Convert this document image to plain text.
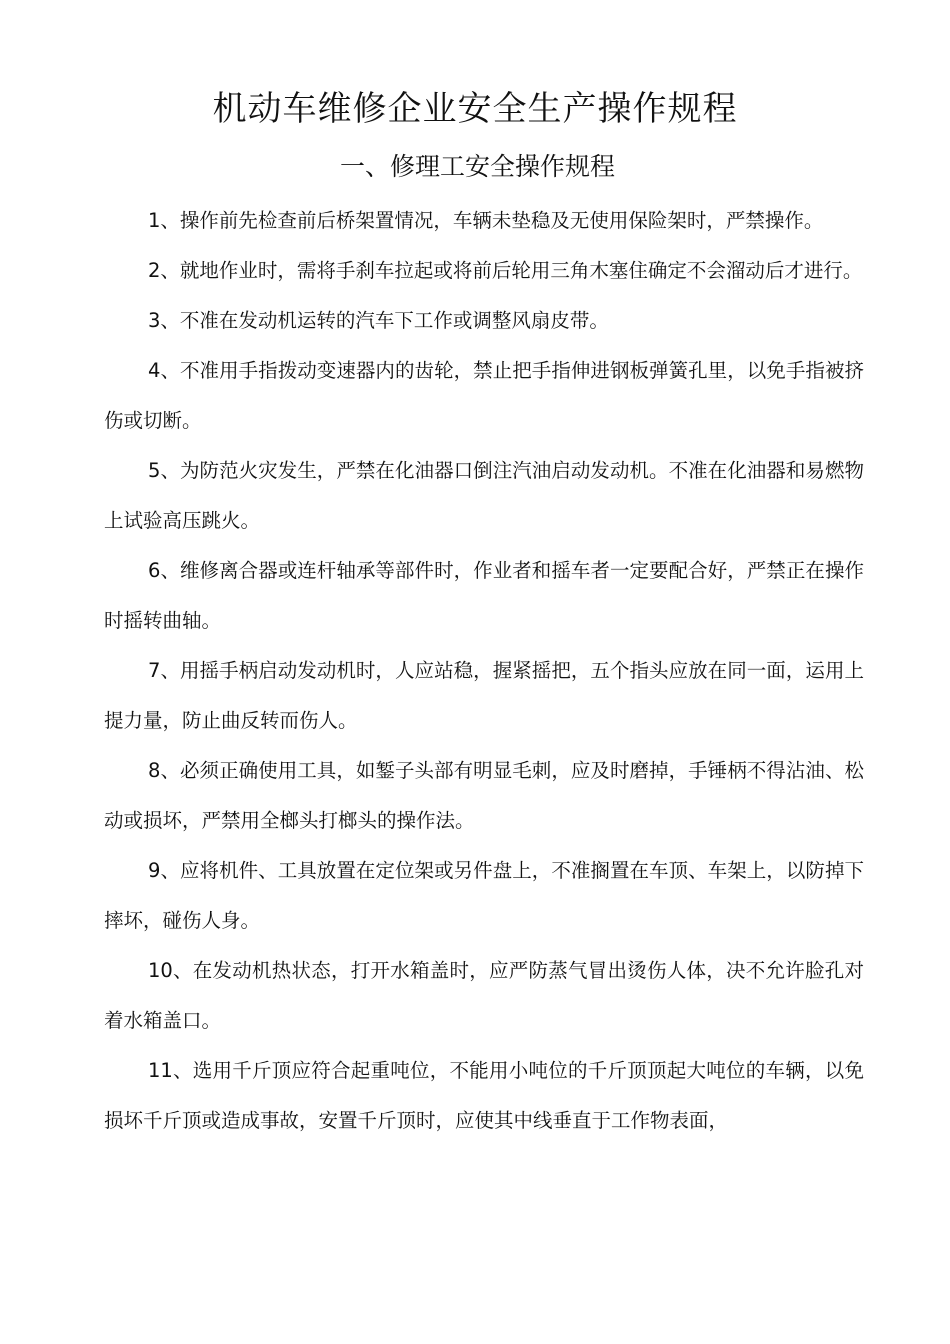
机动车维修企业安全生产操作规程
一、修理工安全操作规程
1、操作前先检查前后桥架置情况，车辆未垫稳及无使用保险架时，严禁操作。
2、就地作业时，需将手刹车拉起或将前后轮用三角木塞住确定不会溜动后才进行。
3、不准在发动机运转的汽车下工作或调整风扇皮带。
4、不准用手指拨动变速器内的齿轮，禁止把手指伸进钢板弹簧孔里，以免手指被挤伤或切断。
5、为防范火灾发生，严禁在化油器口倒注汽油启动发动机。不准在化油器和易燃物上试验高压跳火。
6、维修离合器或连杆轴承等部件时，作业者和摇车者一定要配合好，严禁正在操作时摇转曲轴。
7、用摇手柄启动发动机时，人应站稳，握紧摇把，五个指头应放在同一面，运用上提力量，防止曲反转而伤人。
8、必须正确使用工具，如錾子头部有明显毛刺，应及时磨掉，手锤柄不得沾油、松动或损坏，严禁用全榔头打榔头的操作法。
9、应将机件、工具放置在定位架或另件盘上，不准搁置在车顶、车架上，以防掉下摔坏，碰伤人身。
10、在发动机热状态，打开水箱盖时，应严防蒸气冒出烫伤人体，决不允许脸孔对着水箱盖口。
11、选用千斤顶应符合起重吨位，不能用小吨位的千斤顶顶起大吨位的车辆，以免损坏千斤顶或造成事故，安置千斤顶时，应使其中线垂直于工作物表面，
